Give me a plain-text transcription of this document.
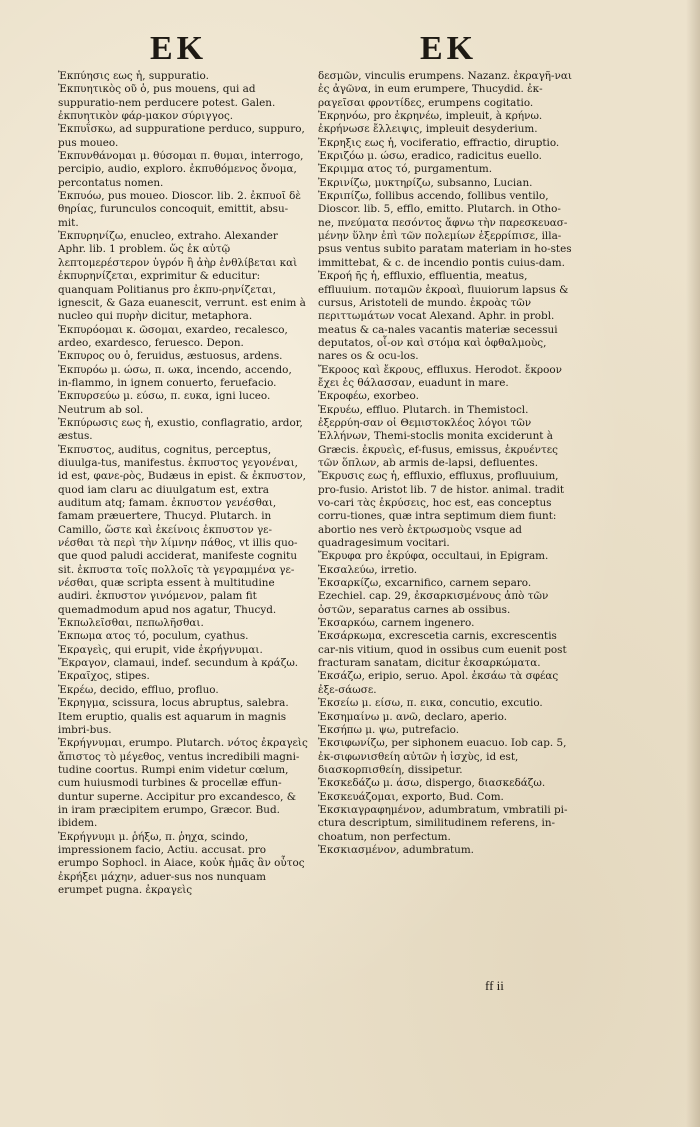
EK	EK

Ἐκπύησις εως ἡ, suppuratio.

Ἐκπυητικὸς οῦ ὁ, pus mouens, qui ad suppuratio-nem perducere potest. Galen. ἐκπυητικὸν φάρ-μακον σύριγγος.

Ἐκπυΐσκω, ad suppuratione perduco, suppuro, pus moueo.

Ἐκπυνθάνομαι μ. θύσομαι π. θυμαι, interrogo, percipio, audio, exploro. ἐκπυθόμενος ὄνομα, percontatus nomen.

Ἐκπυόω, pus moueo. Dioscor. lib. 2. ἐκπυοῖ δὲ θηρίας, furunculos concoquit, emittit, absu-mit.

Ἐκπυρηνίζω, enucleo, extraho. Alexander Aphr. lib. 1 problem. ὥς ἐκ αὐτῷ λεπτομερέστερον ὑγρόν ἢ ἀὴρ ἐνθλίβεται καὶ ἐκπυρηνίζεται, exprimitur & educitur: quanquam Politianus pro ἐκπυ-ρηνίζεται, ignescit, & Gaza euanescit, verrunt. est enim à nucleo qui πυρὴν dicitur, metaphora.

Ἐκπυρόομαι κ. ῶσομαι, exardeo, recalesco, ardeo, exardesco, feruesco. Depon.

Ἐκπυρος ου ὁ, feruidus, æstuosus, ardens.

Ἐκπυρόω μ. ώσω, π. ωκα, incendo, accendo, in-flammo, in ignem conuerto, feruefacio.

Ἐκπυρσεύω μ. εύσω, π. ευκα, igni luceo. Neutrum ab sol.

Ἐκπύρωσις εως ἡ, exustio, conflagratio, ardor, æstus.

Ἐκπυστος, auditus, cognitus, perceptus, diuulga-tus, manifestus. ἐκπυστος γεγονέναι, id est, φανε-ρὸς, Budæus in epist. & ἐκπυστον, quod iam claru ac diuulgatum est, extra auditum atq; famam. ἐκπυστον γενέσθαι, famam præuertere, Thucyd. Plutarch. in Camillo, ὥστε καὶ ἐκείνοις ἐκπυστον γε-νέσθαι τὰ περὶ τὴν λίμνην πάθος, vt illis quo-que quod paludi acciderat, manifeste cognitu sit. ἐκπυστα τοῖς πολλοῖς τὰ γεγραμμένα γε-νέσθαι, quæ scripta essent à multitudine audiri. ἐκπυστον γινόμενον, palam fit quemadmodum apud nos agatur, Thucyd.

Ἐκπωλεῖσθαι, πεπωλῆσθαι.

Ἐκπωμα ατος τό, poculum, cyathus.

Ἐκραγεὶς, qui erupit, vide ἐκρήγνυμαι.

Ἔκραγον, clamaui, indef. secundum à κράζω.

Ἐκραῖχος, stipes.

Ἐκρέω, decido, effluo, profluo.

Ἐκρηγμα, scissura, locus abruptus, salebra. Item eruptio, qualis est aquarum in magnis imbri-bus.

Ἐκρήγνυμαι, erumpo. Plutarch. νότος ἐκραγεὶς ἄπιστος τὸ μέγεθος, ventus incredibili magni-tudine coortus. Rumpi enim videtur cœlum, cum huiusmodi turbines & procellæ effun-duntur superne. Accipitur pro excandesco, & in iram præcipitem erumpo, Græcor. Bud. ibidem.

Ἐκρήγνυμι μ. ῥήξω, π. ῥηχα, scindo, impressionem facio, Actiu. accusat. pro erumpo Sophocl. in Aiace, κοὐκ ἡμᾶς ἂν οὗτος ἐκρήξει μάχην, aduer-sus nos nunquam erumpet pugna. ἐκραγεὶς

δεσμῶν, vinculis erumpens. Nazanz. ἐκραγῆ-ναι ἐς ἀγῶνα, in eum erumpere, Thucydid. ἐκ-ραγεῖσαι φροντίδες, erumpens cogitatio.

Ἐκρηνόω, pro ἐκρηνέω, impleuit, à κρήνω. ἐκρήνωσε ἔλλειψις, impleuit desyderium.

Ἐκρηξις εως ἡ, vociferatio, effractio, diruptio.

Ἐκριζόω μ. ώσω, eradico, radicitus euello.

Ἐκριμμα ατος τό, purgamentum.

Ἐκρινίζω, μυκτηρίζω, subsanno, Lucian.

Ἐκριπίζω, follibus accendo, follibus ventilo, Dioscor. lib. 5, efflo, emitto. Plutarch. in Otho-ne, πνεύματα πεσόντος ἄφνω τὴν παρεσκευασ-μένην ὕλην ἐπὶ τῶν πολεμίων ἐξερρίπισε, illa-psus ventus subito paratam materiam in ho-stes immittebat, & c. de incendio pontis cuius-dam.

Ἐκροή ῆς ἡ, effluxio, effluentia, meatus, effluuium. ποταμῶν ἐκροαὶ, fluuiorum lapsus & cursus, Aristoteli de mundo. ἐκροὰς τῶν περιττωμάτων vocat Alexand. Aphr. in probl. meatus & ca-nales vacantis materiæ secessui deputatos, οἷ-ον καὶ στόμα καὶ ὀφθαλμοὺς, nares os & ocu-los.

Ἔκροος καὶ ἔκρους, effluxus. Herodot. ἔκροον ἔχει ἐς θάλασσαν, euadunt in mare.

Ἐκροφέω, exorbeo.

Ἐκρυέω, effluo. Plutarch. in Themistocl. ἐξερρύη-σαν οἱ Θεμιστοκλέος λόγοι τῶν Ἑλλήνων, Themi-stoclis monita exciderunt à Græcis. ἐκρυεὶς, ef-fusus, emissus, ἐκρυέντες τῶν ὅπλων, ab armis de-lapsi, defluentes.

Ἔκρυσις εως ἡ, effluxio, effluxus, profluuium, pro-fusio. Aristot lib. 7 de histor. animal. tradit vo-cari τὰς ἐκρύσεις, hoc est, eas conceptus corru-tiones, quæ intra septimum diem fiunt: abortio nes verò ἐκτρωσμοὺς vsque ad quadragesimum vocitari.

Ἔκρυφα pro ἐκρύφα, occultaui, in Epigram.

Ἐκσαλεύω, irretio.

Ἐκσαρκίζω, excarnifico, carnem separo. Ezechiel. cap. 29, ἐκσαρκισμένους ἀπὸ τῶν ὀστῶν, separatus carnes ab ossibus.

Ἐκσαρκόω, carnem ingenero.

Ἐκσάρκωμα, excrescetia carnis, excrescentis car-nis vitium, quod in ossibus cum euenit post fracturam sanatam, dicitur ἐκσαρκώματα.

Ἐκσάζω, eripio, seruo. Apol. ἐκσάω τὰ σφέας ἐξε-σάωσε.

Ἐκσείω μ. είσω, π. εικα, concutio, excutio.

Ἐκσημαίνω μ. ανῶ, declaro, aperio.

Ἐκσήπω μ. ψω, putrefacio.

Ἐκσιφωνίζω, per siphonem euacuo. Iob cap. 5, ἐκ-σιφωνισθείη αὐτῶν ἡ ἰσχὺς, id est, διασκορπισθείη, dissipetur.

Ἐκσκεδάζω μ. άσω, dispergo, διασκεδάζω.

Ἐκσκευάζομαι, exporto, Bud. Com.

Ἐκσκιαγραφημένον, adumbratum, vmbratili pi-ctura descriptum, similitudinem referens, in-choatum, non perfectum.

Ἐκσκιασμένον, adumbratum.

ff ii
